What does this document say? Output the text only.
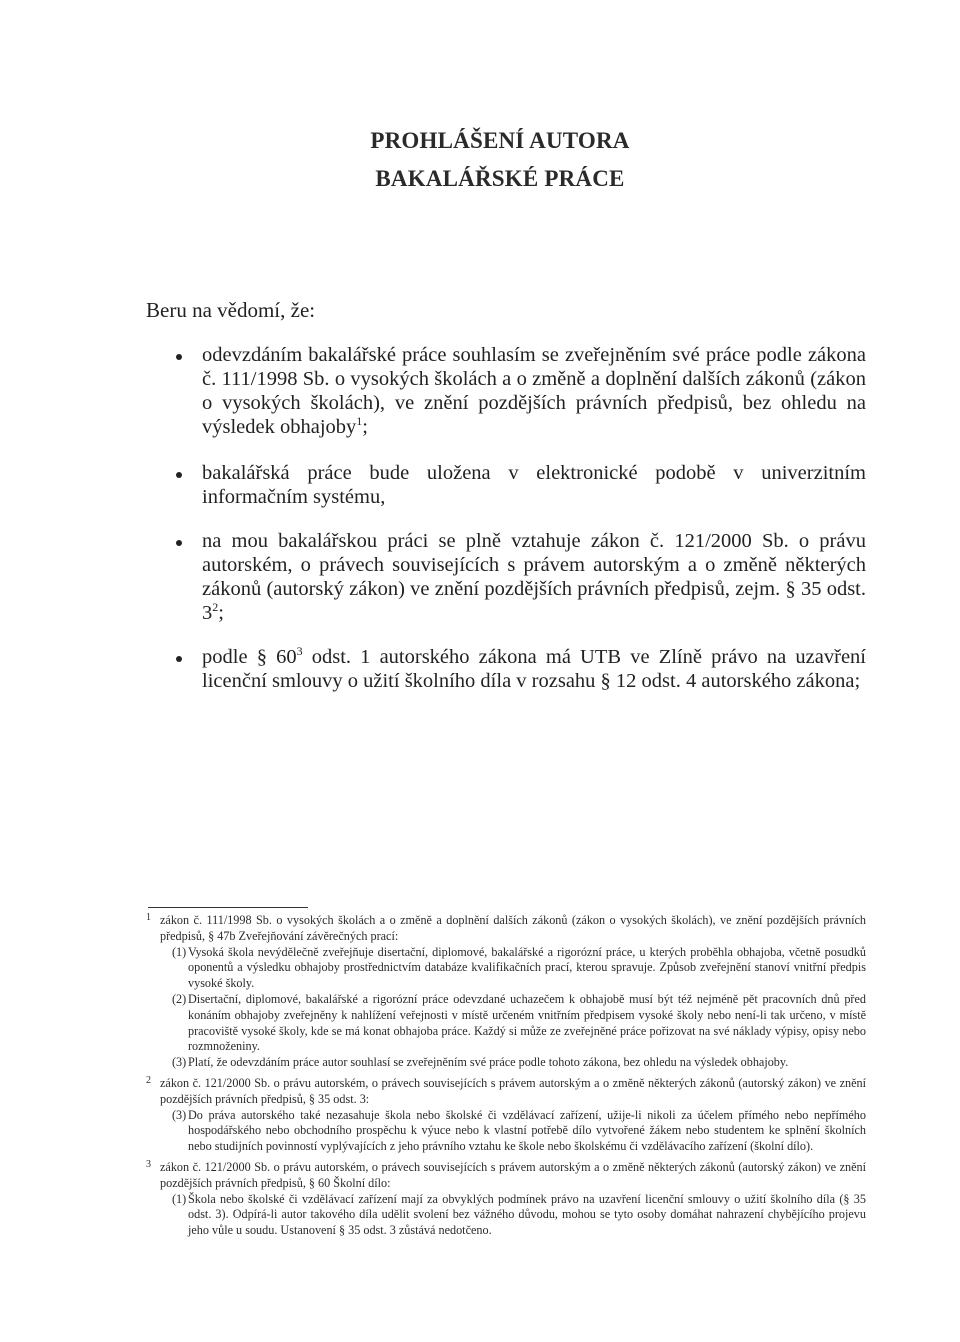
PROHLÁŠENÍ AUTORA
BAKALÁŘSKÉ PRÁCE
Beru na vědomí, že:
odevzdáním bakalářské práce souhlasím se zveřejněním své práce podle zákona č. 111/1998 Sb. o vysokých školách a o změně a doplnění dalších zákonů (zákon o vysokých školách), ve znění pozdějších právních předpisů, bez ohledu na výsledek obhajoby$^1$;
bakalářská práce bude uložena v elektronické podobě v univerzitním informačním systému,
na mou bakalářskou práci se plně vztahuje zákon č. 121/2000 Sb. o právu autorském, o právech souvisejících s právem autorským a o změně některých zákonů (autorský zákon) ve znění pozdějších právních předpisů, zejm. § 35 odst. $3^2$;
podle § $60^3$ odst. 1 autorského zákona má UTB ve Zlíně právo na uzavření licenční smlouvy o užití školního díla v rozsahu § 12 odst. 4 autorského zákona;
1 zákon č. 111/1998 Sb. o vysokých školách a o změně a doplnění dalších zákonů (zákon o vysokých školách), ve znění pozdějších právních předpisů, § 47b Zveřejňování závěrečných prací:
(1) Vysoká škola nevýdělečně zveřejňuje disertační, diplomové, bakalářské a rigorózní práce, u kterých proběhla obhajoba, včetně posudků oponentů a výsledku obhajoby prostřednictvím databáze kvalifikačních prací, kterou spravuje. Způsob zveřejnění stanoví vnitřní předpis vysoké školy.
(2) Disertační, diplomové, bakalářské a rigorózní práce odevzdané uchazečem k obhajobě musí být též nejméně pět pracovních dnů před konáním obhajoby zveřejněny k nahlížení veřejnosti v místě určeném vnitřním předpisem vysoké školy nebo není-li tak určeno, v místě pracoviště vysoké školy, kde se má konat obhajoba práce. Každý si může ze zveřejněné práce pořizovat na své náklady výpisy, opisy nebo rozmnoženiny.
(3) Platí, že odevzdáním práce autor souhlasí se zveřejněním své práce podle tohoto zákona, bez ohledu na výsledek obhajoby.
2 zákon č. 121/2000 Sb. o právu autorském, o právech souvisejících s právem autorským a o změně některých zákonů (autorský zákon) ve znění pozdějších právních předpisů, § 35 odst. 3:
(3) Do práva autorského také nezasahuje škola nebo školské či vzdělávací zařízení, užije-li nikoli za účelem přímého nebo nepřímého hospodářského nebo obchodního prospěchu k výuce nebo k vlastní potřebě dílo vytvořené žákem nebo studentem ke splnění školních nebo studijních povinností vyplývajících z jeho právního vztahu ke škole nebo školskému či vzdělávacího zařízení (školní dílo).
3 zákon č. 121/2000 Sb. o právu autorském, o právech souvisejících s právem autorským a o změně některých zákonů (autorský zákon) ve znění pozdějších právních předpisů, § 60 Školní dílo:
(1) Škola nebo školské či vzdělávací zařízení mají za obvyklých podmínek právo na uzavření licenční smlouvy o užití školního díla (§ 35 odst. 3). Odpírá-li autor takového díla udělit svolení bez vážného důvodu, mohou se tyto osoby domáhat nahrazení chybějícího projevu jeho vůle u soudu. Ustanovení § 35 odst. 3 zůstává nedotčeno.
